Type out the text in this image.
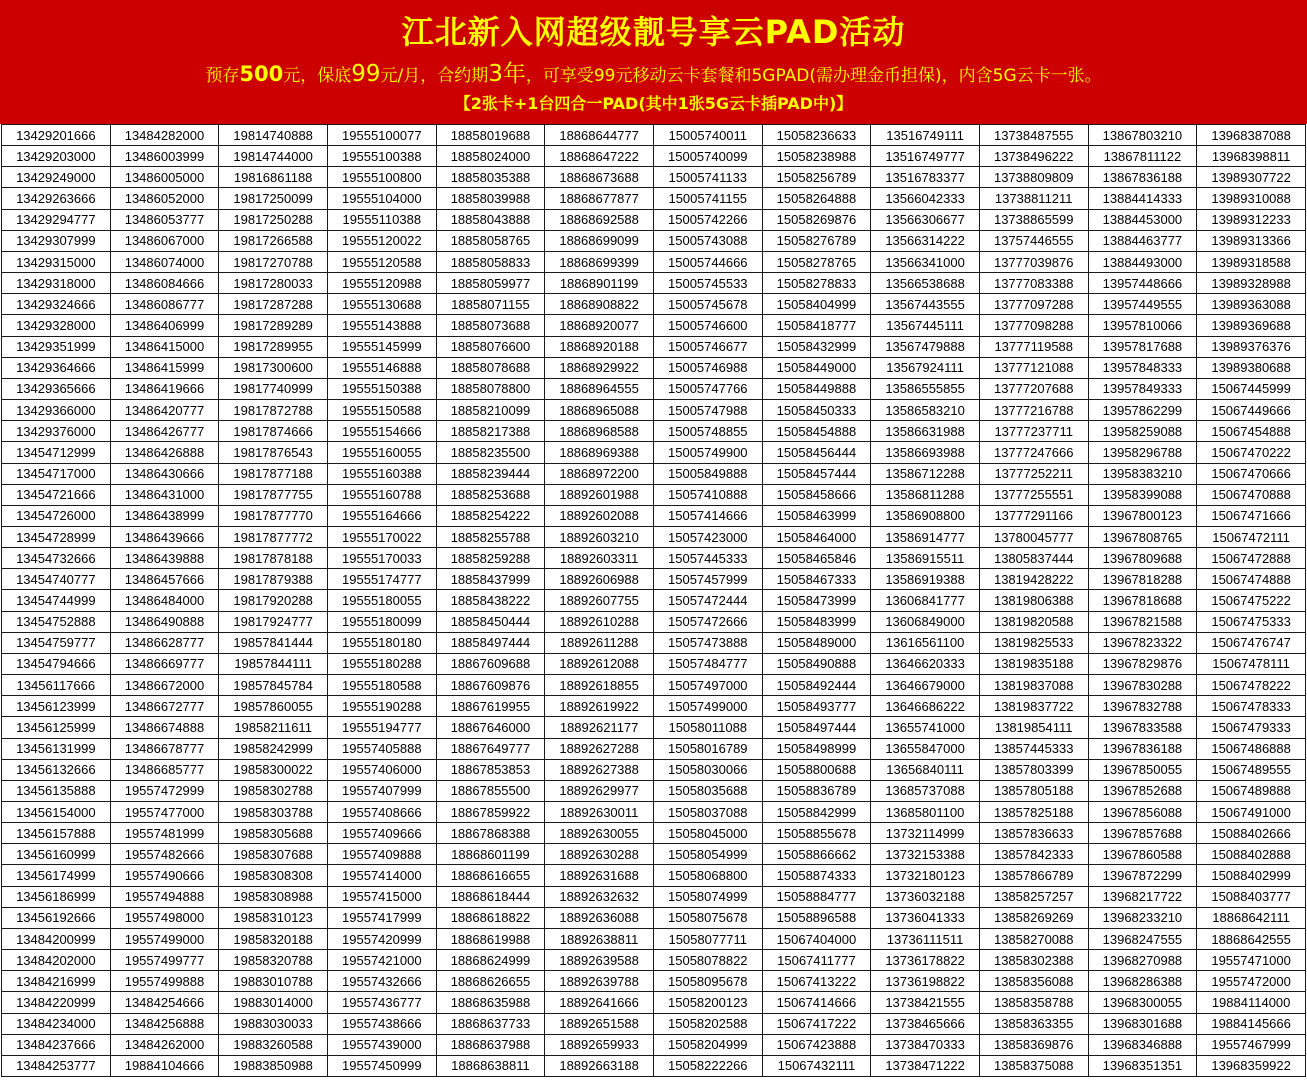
江北新入网超级靓号享云PAD活动
预存500元，保底99元/月，合约期3年，可享受99元移动云卡套餐和5GPAD(需办理金币担保)，内含5G云卡一张。
【2张卡+1台四合一PAD(其中1张5G云卡插PAD中)】
13429201666	13484282000	19814740888	19555100077	18858019688	18868644777	15005740011	15058236633	13516749111	13738487555	13867803210	13968387088
13429203000	13486003999	19814744000	19555100388	18858024000	18868647222	15005740099	15058238988	13516749777	13738496222	13867811122	13968398811
13429249000	13486005000	19816861188	19555100800	18858035388	18868673688	15005741133	15058256789	13516783377	13738809809	13867836188	13989307722
13429263666	13486052000	19817250099	19555104000	18858039988	18868677877	15005741155	15058264888	13566042333	13738811211	13884414333	13989310088
13429294777	13486053777	19817250288	19555110388	18858043888	18868692588	15005742266	15058269876	13566306677	13738865599	13884453000	13989312233
13429307999	13486067000	19817266588	19555120022	18858058765	18868699099	15005743088	15058276789	13566314222	13757446555	13884463777	13989313366
13429315000	13486074000	19817270788	19555120588	18858058833	18868699399	15005744666	15058278765	13566341000	13777039876	13884493000	13989318588
13429318000	13486084666	19817280033	19555120988	18858059977	18868901199	15005745533	15058278833	13566538688	13777083388	13957448666	13989328988
13429324666	13486086777	19817287288	19555130688	18858071155	18868908822	15005745678	15058404999	13567443555	13777097288	13957449555	13989363088
13429328000	13486406999	19817289289	19555143888	18858073688	18868920077	15005746600	15058418777	13567445111	13777098288	13957810066	13989369688
13429351999	13486415000	19817289955	19555145999	18858076600	18868920188	15005746677	15058432999	13567479888	13777119588	13957817688	13989376376
13429364666	13486415999	19817300600	19555146888	18858078688	18868929922	15005746988	15058449000	13567924111	13777121088	13957848333	13989380688
13429365666	13486419666	19817740999	19555150388	18858078800	18868964555	15005747766	15058449888	13586555855	13777207688	13957849333	15067445999
13429366000	13486420777	19817872788	19555150588	18858210099	18868965088	15005747988	15058450333	13586583210	13777216788	13957862299	15067449666
13429376000	13486426777	19817874666	19555154666	18858217388	18868968588	15005748855	15058454888	13586631988	13777237711	13958259088	15067454888
13454712999	13486426888	19817876543	19555160055	18858235500	18868969388	15005749900	15058456444	13586693988	13777247666	13958296788	15067470222
13454717000	13486430666	19817877188	19555160388	18858239444	18868972200	15005849888	15058457444	13586712288	13777252211	13958383210	15067470666
13454721666	13486431000	19817877755	19555160788	18858253688	18892601988	15057410888	15058458666	13586811288	13777255551	13958399088	15067470888
13454726000	13486438999	19817877770	19555164666	18858254222	18892602088	15057414666	15058463999	13586908800	13777291166	13967800123	15067471666
13454728999	13486439666	19817877772	19555170022	18858255788	18892603210	15057423000	15058464000	13586914777	13780045777	13967808765	15067472111
13454732666	13486439888	19817878188	19555170033	18858259288	18892603311	15057445333	15058465846	13586915511	13805837444	13967809688	15067472888
13454740777	13486457666	19817879388	19555174777	18858437999	18892606988	15057457999	15058467333	13586919388	13819428222	13967818288	15067474888
13454744999	13486484000	19817920288	19555180055	18858438222	18892607755	15057472444	15058473999	13606841777	13819806388	13967818688	15067475222
13454752888	13486490888	19817924777	19555180099	18858450444	18892610288	15057472666	15058483999	13606849000	13819820588	13967821588	15067475333
13454759777	13486628777	19857841444	19555180180	18858497444	18892611288	15057473888	15058489000	13616561100	13819825533	13967823322	15067476747
13454794666	13486669777	19857844111	19555180288	18867609688	18892612088	15057484777	15058490888	13646620333	13819835188	13967829876	15067478111
13456117666	13486672000	19857845784	19555180588	18867609876	18892618855	15057497000	15058492444	13646679000	13819837088	13967830288	15067478222
13456123999	13486672777	19857860055	19555190288	18867619955	18892619922	15057499000	15058493777	13646686222	13819837722	13967832788	15067478333
13456125999	13486674888	19858211611	19555194777	18867646000	18892621177	15058011088	15058497444	13655741000	13819854111	13967833588	15067479333
13456131999	13486678777	19858242999	19557405888	18867649777	18892627288	15058016789	15058498999	13655847000	13857445333	13967836188	15067486888
13456132666	13486685777	19858300022	19557406000	18867853853	18892627388	15058030066	15058800688	13656840111	13857803399	13967850055	15067489555
13456135888	19557472999	19858302788	19557407999	18867855500	18892629977	15058035688	15058836789	13685737088	13857805188	13967852688	15067489888
13456154000	19557477000	19858303788	19557408666	18867859922	18892630011	15058037088	15058842999	13685801100	13857825188	13967856088	15067491000
13456157888	19557481999	19858305688	19557409666	18867868388	18892630055	15058045000	15058855678	13732114999	13857836633	13967857688	15088402666
13456160999	19557482666	19858307688	19557409888	18868601199	18892630288	15058054999	15058866662	13732153388	13857842333	13967860588	15088402888
13456174999	19557490666	19858308308	19557414000	18868616655	18892631688	15058068800	15058874333	13732180123	13857866789	13967872299	15088402999
13456186999	19557494888	19858308988	19557415000	18868618444	18892632632	15058074999	15058884777	13736032188	13858257257	13968217722	15088403777
13456192666	19557498000	19858310123	19557417999	18868618822	18892636088	15058075678	15058896588	13736041333	13858269269	13968233210	18868642111
13484200999	19557499000	19858320188	19557420999	18868619988	18892638811	15058077711	15067404000	13736111511	13858270088	13968247555	18868642555
13484202000	19557499777	19858320788	19557421000	18868624999	18892639588	15058078822	15067411777	13736178822	13858302388	13968270988	19557471000
13484216999	19557499888	19883010788	19557432666	18868626655	18892639788	15058095678	15067413222	13736198822	13858356088	13968286388	19557472000
13484220999	13484254666	19883014000	19557436777	18868635988	18892641666	15058200123	15067414666	13738421555	13858358788	13968300055	19884114000
13484234000	13484256888	19883030033	19557438666	18868637733	18892651588	15058202588	15067417222	13738465666	13858363355	13968301688	19884145666
13484237666	13484262000	19883260588	19557439000	18868637988	18892659933	15058204999	15067423888	13738470333	13858369876	13968346888	19557467999
13484253777	19884104666	19883850988	19557450999	18868638811	18892663188	15058222266	15067432111	13738471222	13858375088	13968351351	13968359922
